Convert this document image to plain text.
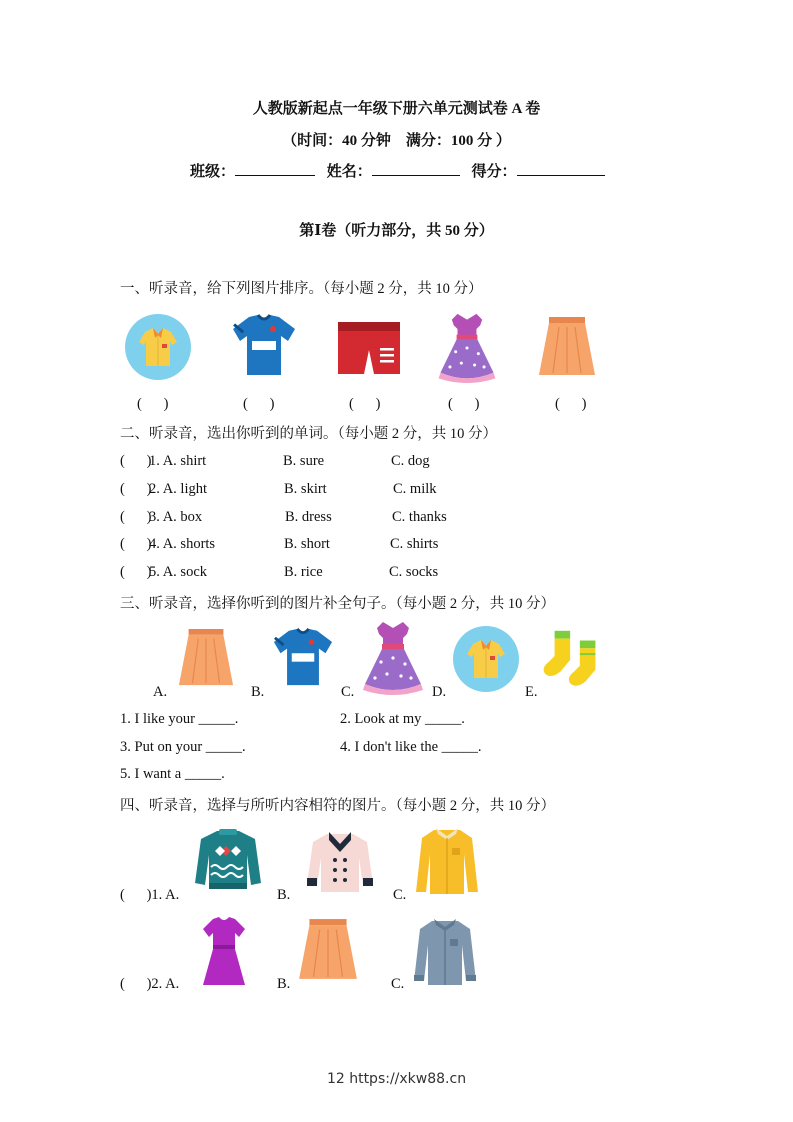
人教版新起点一年级下册六单元测试卷 A 卷
（时间：40 分钟    满分：100 分 ）
班级：	姓名：	得分：
第Ⅰ卷（听力部分，共 50 分）
一、听录音，给下列图片排序。（每小题 2 分，共 10 分）
(      )	(      )	(      )	(      )	(      )
二、听录音，选出你听到的单词。（每小题 2 分，共 10 分）
(      )
1. A. shirt	B. sure	C. dog
(      )
2. A. light	B. skirt	C. milk
(      )
3. A. box	B. dress	C. thanks
(      )
4. A. shorts	B. short	C. shirts
(      )
5. A. sock	B. rice	C. socks
三、听录音，选择你听到的图片补全句子。（每小题 2 分，共 10 分）
A.	B.	C.	D.	E.
1. I like your _____.	2. Look at my _____.
3. Put on your _____.	4. I don't like the _____.
5. I want a _____.
四、听录音，选择与所听内容相符的图片。（每小题 2 分，共 10 分）
(      )1. A.	B.	C.
(      )2. A.	B.	C.
12 https://xkw88.cn
